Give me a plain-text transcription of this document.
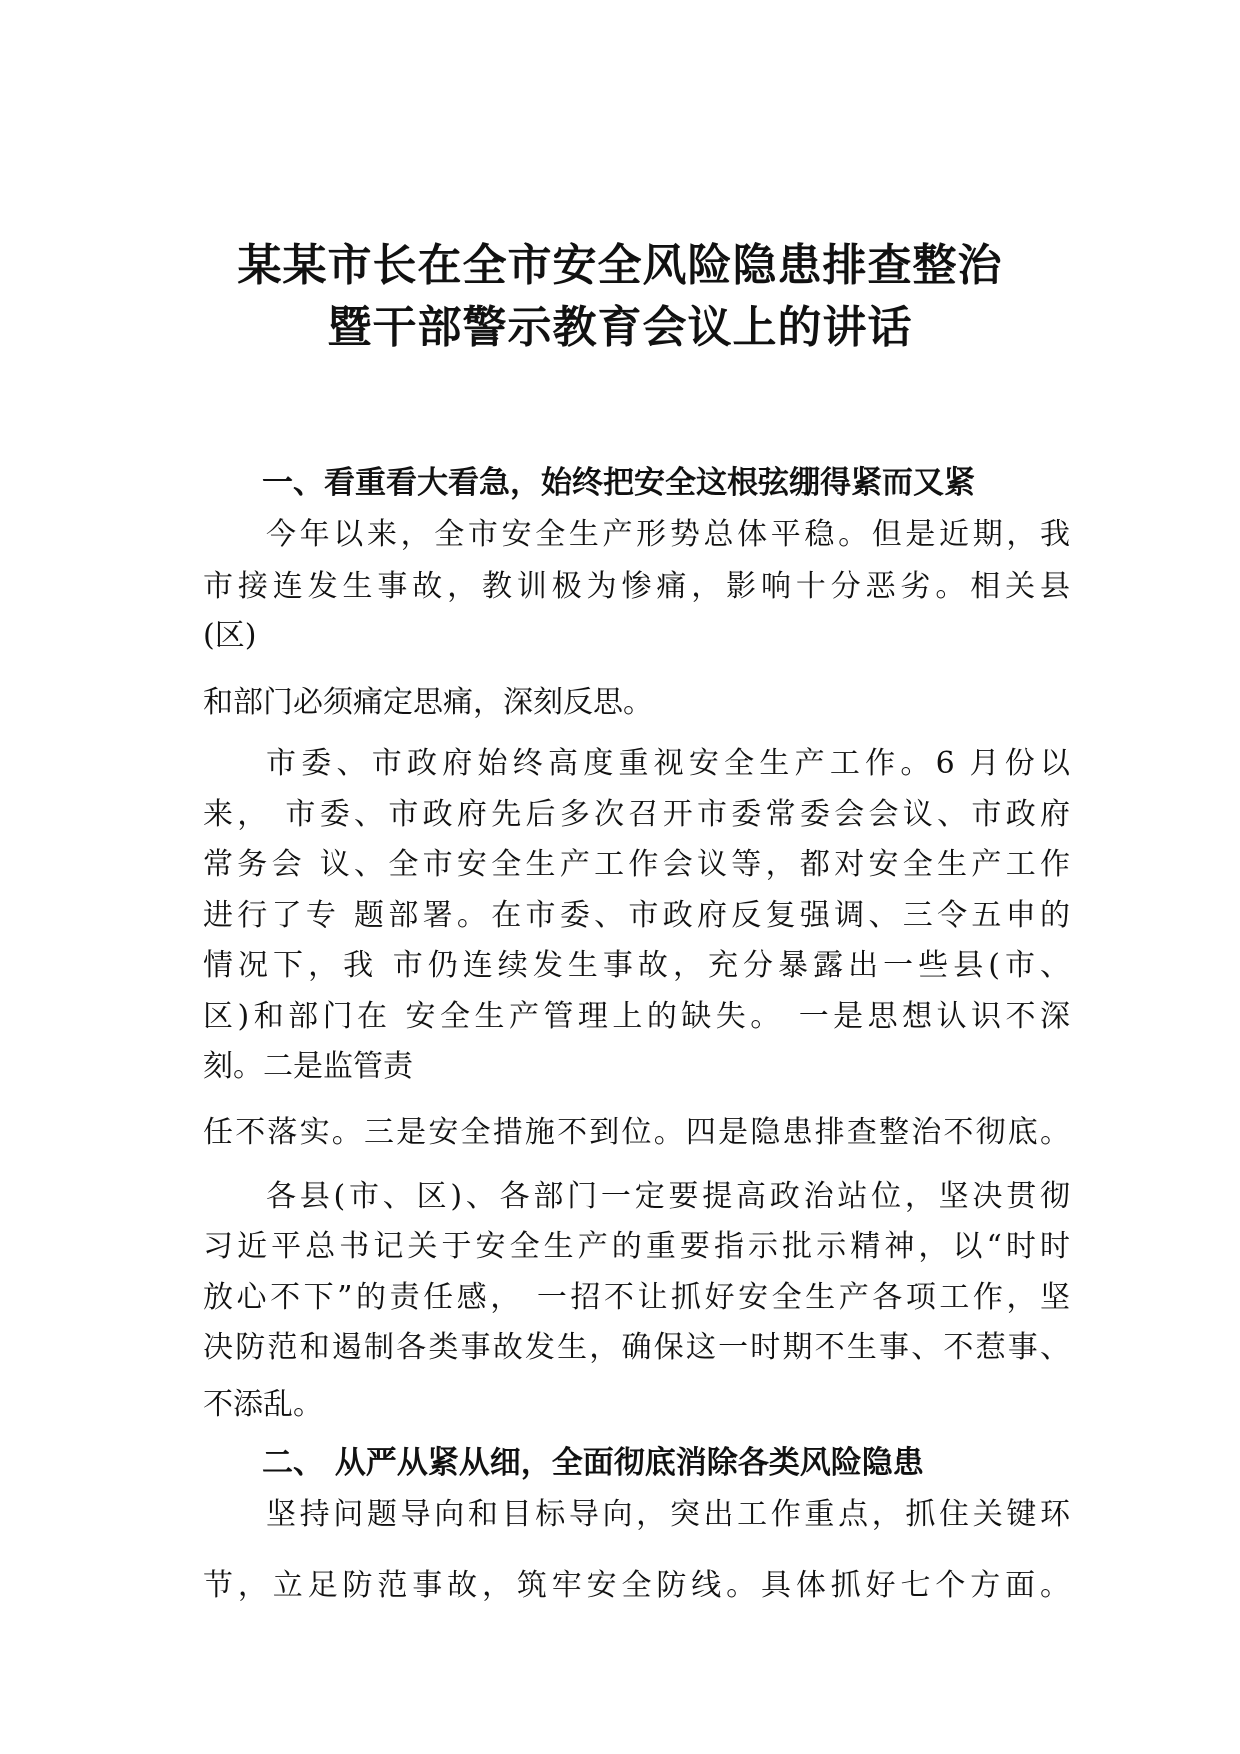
某某市长在全市安全风险隐患排查整治
暨干部警示教育会议上的讲话
一、看重看大看急，始终把安全这根弦绷得紧而又紧
今年以来，全市安全生产形势总体平稳。但是近期，我
市接连发生事故，教训极为惨痛，影响十分恶劣。相关县
(区)
和部门必须痛定思痛，深刻反思。
市委、市政府始终高度重视安全生产工作。6 月份以
来， 市委、市政府先后多次召开市委常委会会议、市政府
常务会 议、全市安全生产工作会议等，都对安全生产工作
进行了专 题部署。在市委、市政府反复强调、三令五申的
情况下，我 市仍连续发生事故，充分暴露出一些县(市、
区)和部门在 安全生产管理上的缺失。 一是思想认识不深
刻。二是监管责
任不落实。三是安全措施不到位。四是隐患排查整治不彻底。
各县(市、区)、各部门一定要提高政治站位，坚决贯彻
习近平总书记关于安全生产的重要指示批示精神，以“时时
放心不下”的责任感， 一招不让抓好安全生产各项工作，坚
决防范和遏制各类事故发生，确保这一时期不生事、不惹事、
不添乱。
二、 从严从紧从细，全面彻底消除各类风险隐患
坚持问题导向和目标导向，突出工作重点，抓住关键环
节，立足防范事故，筑牢安全防线。具体抓好七个方面。
